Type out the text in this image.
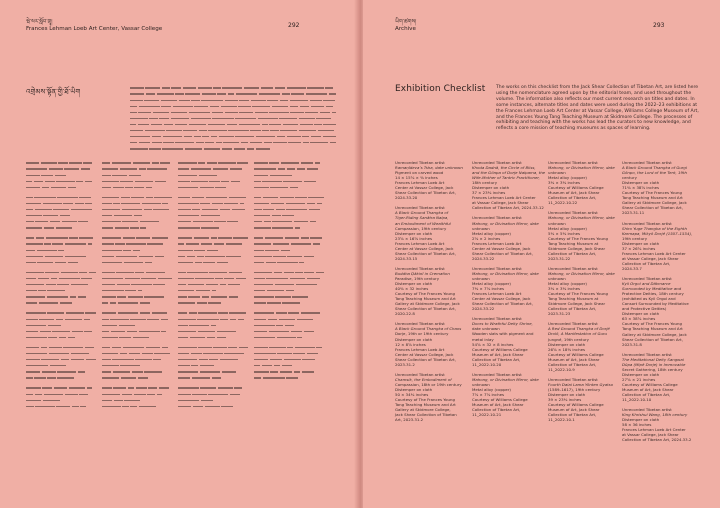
ཝེ་སར་སློབ་གྲྭ།
Frances Lehman Loeb Art Center, Vassar College	292
འགྲེམས་སྟོན་གྱི་ཐོ་ཡིག
ཡིག་ཚགས།
Archive	293
Exhibition Checklist The works on this checklist from the Jack Shear Collection of Tibetan Art, are listed here using the nomenclature agreed upon by the editorial team, and used throughout the volume. The information also reflects our most current research on titles and dates. In some instances, alternate titles and dates were used during the 2022–23 exhibitions at the Frances Lehman Loeb Art Center at Vassar College, Williams College Museum of Art, and the Frances Young Tang Teaching Museum at Skidmore College. The processes of exhibiting and teaching with the works has lead the curators to new knowledge, and reflects a core mission of teaching museums as spaces of learning.
Unrecorded Tibetan artist
Ramaṇīdeva’s Tsha, date unknown
Pigment on carved wood
14 × 15⅝ × ⅜ inches
Frances Lehman Loeb Art
Center at Vassar College, Jack
Shear Collection of Tibetan Art,
2024.33.20
Unrecorded Tibetan artist
A Black Ground Thangka of
Tiger-Riding Sanātra Nalpa,
an Embodiment of Wealthful
Compassion, 19th century
Distemper on cloth
23⅝ × 16⅝ inches
Frances Lehman Loeb Art
Center at Vassar College, Jack
Shear Collection of Tibetan Art,
2024.33.15
Unrecorded Tibetan artist
Buddha Ḍākinī in Cremation
Paradise, 19th century
Distemper on cloth
40⅜ × 32 inches
Courtesy of The Frances Young
Tang Teaching Museum and Art
Gallery at Skidmore College, Jack
Shear Collection of Tibetan Art,
2020.22.8
Unrecorded Tibetan artist
A Black Ground Thangka of Chaos
Dorje, 19th or 19th century
Distemper on cloth
12 × 8⅝ inches
Frances Lehman Loeb Art
Center at Vassar College, Jack
Shear Collection of Tibetan Art,
2023.31.2
Unrecorded Tibetan artist
Chamsik, the Embodiment of
Compassion, 18th or 19th century
Distemper on cloth
50 × 34⅜ inches
Courtesy of The Frances Young
Tang Teaching Museum and Art
Gallery at Skidmore College,
Jack Shear Collection of Tibetan
Art, 2023.31.2
Unrecorded Tibetan artist
Khoda Dadnā, the Circle of Bliss,
and the Gönpa of Dorje Nalpama, the
Wife-Mother of Tantric Practitioner,
18th century
Distemper on cloth
37 × 23⅜ inches
Frances Lehman Loeb Art Center
at Vassar College, Jack Shear
Collection of Tibetan Art, 2024.33.12
Unrecorded Tibetan artist
Mahong, or Divination Mirror, date
unknown
Metal alloy (copper)
2⅝ × 2 inches
Frances Lehman Loeb Art
Center at Vassar College, Jack
Shear Collection of Tibetan Art,
2024.33.22
Unrecorded Tibetan artist
Mahong, or Divination Mirror, date
unknown
Metal alloy (copper)
7⅜ × 7⅝ inches
Frances Lehman Loeb Art
Center at Vassar College, Jack
Shear Collection of Tibetan Art,
2024.33.22
Unrecorded Tibetan artist
Doors to Wrathful Deity Shrine,
date unknown
Wooden slats with pigment and
metal inlay
54⅝ × 32 × 8 inches
Courtesy of Williams College
Museum of Art, Jack Shear
Collection of Tibetan Art,
11_2022.10.20
Unrecorded Tibetan artist
Mahong, or Divination Mirror, date
unknown
Metal alloy (copper)
7⅝ × 7⅝ inches
Courtesy of Williams College
Museum of Art, Jack Shear
Collection of Tibetan Art,
11_2022.10.21
Unrecorded Tibetan artist
Mahong, or Divination Mirror, date
unknown
Metal alloy (copper)
3⅜ × 3⅜ inches
Courtesy of Williams College
Museum of Art, Jack Shear
Collection of Tibetan Art,
11_2022.10.22
Unrecorded Tibetan artist
Mahong, or Divination Mirror, date
unknown
Metal alloy (copper)
5⅜ × 5⅜ inches
Courtesy of The Frances Young
Tang Teaching Museum at
Skidmore College, Jack Shear
Collection of Tibetan Art,
2023.31.22
Unrecorded Tibetan artist
Mahong, or Divination Mirror, date
unknown
Metal alloy (copper)
3⅜ × 3⅜ inches
Courtesy of The Frances Young
Tang Teaching Museum at
Skidmore College, Jack Shear
Collection of Tibetan Art,
2023.31.23
Unrecorded Tibetan artist
A Red Ground Thangka of Dorjé
Drolö, A Manifestation of Guru
Jungné, 19th century
Distemper on cloth
26⅝ × 18⅜ inches
Courtesy of Williams College
Museum of Art, Jack Shear
Collection of Tibetan Art,
11_2022.10.9
Unrecorded Tibetan artist
Fourth Dalai Lama Yönten Gyatso
(1589–1617), 19th century
Distemper on cloth
39 × 23⅜ inches
Courtesy of Williams College
Museum of Art, Jack Shear
Collection of Tibetan Art,
11_2022.10.1
Unrecorded Tibetan artist
A Black Ground Thangka of Gurgi
Gönpo, the Lord of the Tent, 19th
century
Distemper on cloth
71⅜ × 38⅝ inches
Courtesy of The Frances Young
Tang Teaching Museum and Art
Gallery at Skidmore College, Jack
Shear Collection of Tibetan Art,
2023.31.11
Unrecorded Tibetan artist
Shiro Yuge Thangka of the Eighth
Karmapa, Mikyö Dorjé (1507–1554),
19th century
Distemper on cloth
37 × 26⅝ inches
Frances Lehman Loeb Art Center
at Vassar College, Jack Shear
Collection of Tibetan Art,
2024.33.7
Unrecorded Tibetan artist
Kyil Orgol and Dākmarce
Surrounded by Meditative and
Protective Deities, 18th century
(exhibited as Kyil Orgol and
Consort Surrounded by Meditative
and Protective Deities)
Distemper on cloth
63 × 38⅝ inches
Courtesy of The Frances Young
Tang Teaching Museum and Art
Gallery at Skidmore College, Jack
Shear Collection of Tibetan Art,
2023.31.8
Unrecorded Tibetan artist
The Meditational Deity Sangwai
Düpa (Mipë Dorje) in Immovable
Secret Gathering, 18th century
Distemper on cloth
27⅝ × 21 inches
Courtesy of Williams College
Museum of Art, Jack Shear
Collection of Tibetan Art,
11_2022.10.10
Unrecorded Tibetan artist
King Khrishul Wang, 18th century
Distemper on cloth
58 × 36 inches
Frances Lehman Loeb Art Center
at Vassar College, Jack Shear
Collection of Tibetan Art, 2024.33.2
